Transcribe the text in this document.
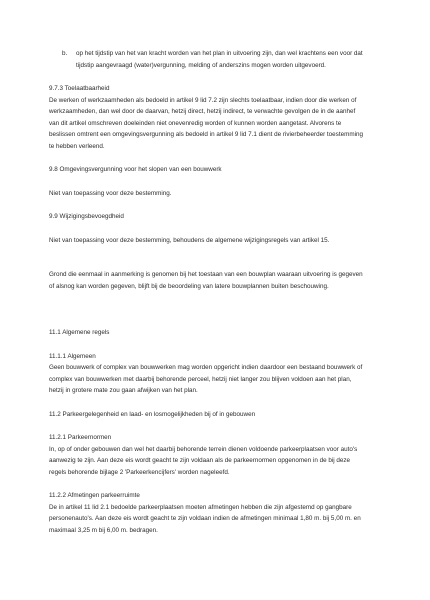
b.	op het tijdstip van het van kracht worden van het plan in uitvoering zijn, dan wel krachtens een voor dat
tijdstip aangevraagd (water)vergunning, melding of anderszins mogen worden uitgevoerd.

9.7.3 Toelaatbaarheid

De werken of werkzaamheden als bedoeld in artikel 9 lid 7.2 zijn slechts toelaatbaar, indien door die werken of
werkzaamheden, dan wel door de daarvan, hetzij direct, hetzij indirect, te verwachte gevolgen de in de aanhef
van dit artikel omschreven doeleinden niet onevenredig worden of kunnen worden aangetast. Alvorens te
beslissen omtrent een omgevingsvergunning als bedoeld in artikel 9 lid 7.1 dient de rivierbeheerder toestemming
te hebben verleend.

9.8 Omgevingsvergunning voor het slopen van een bouwwerk

Niet van toepassing voor deze bestemming.

9.9 Wijzigingsbevoegdheid

Niet van toepassing voor deze bestemming, behoudens de algemene wijzigingsregels van artikel 15.

Grond die eenmaal in aanmerking is genomen bij het toestaan van een bouwplan waaraan uitvoering is gegeven
of alsnog kan worden gegeven, blijft bij de beoordeling van latere bouwplannen buiten beschouwing.

11.1 Algemene regels

11.1.1 Algemeen

Geen bouwwerk of complex van bouwwerken mag worden opgericht indien daardoor een bestaand bouwwerk of
complex van bouwwerken met daarbij behorende perceel, hetzij niet langer zou blijven voldoen aan het plan,
hetzij in grotere mate zou gaan afwijken van het plan.

11.2 Parkeergelegenheid en laad- en losmogelijkheden bij of in gebouwen

11.2.1 Parkeernormen

In, op of onder gebouwen dan wel het daarbij behorende terrein dienen voldoende parkeerplaatsen voor auto's
aanwezig te zijn. Aan deze eis wordt geacht te zijn voldaan als de parkeernormen opgenomen in de bij deze
regels behorende bijlage 2 'Parkeerkencijfers' worden nageleefd.

11.2.2 Afmetingen parkeerruimte

De in artikel 11 lid 2.1 bedoelde parkeerplaatsen moeten afmetingen hebben die zijn afgestemd op gangbare
personenauto's. Aan deze eis wordt geacht te zijn voldaan indien de afmetingen minimaal 1,80 m. bij 5,00 m. en
maximaal 3,25 m bij 6,00 m. bedragen.
